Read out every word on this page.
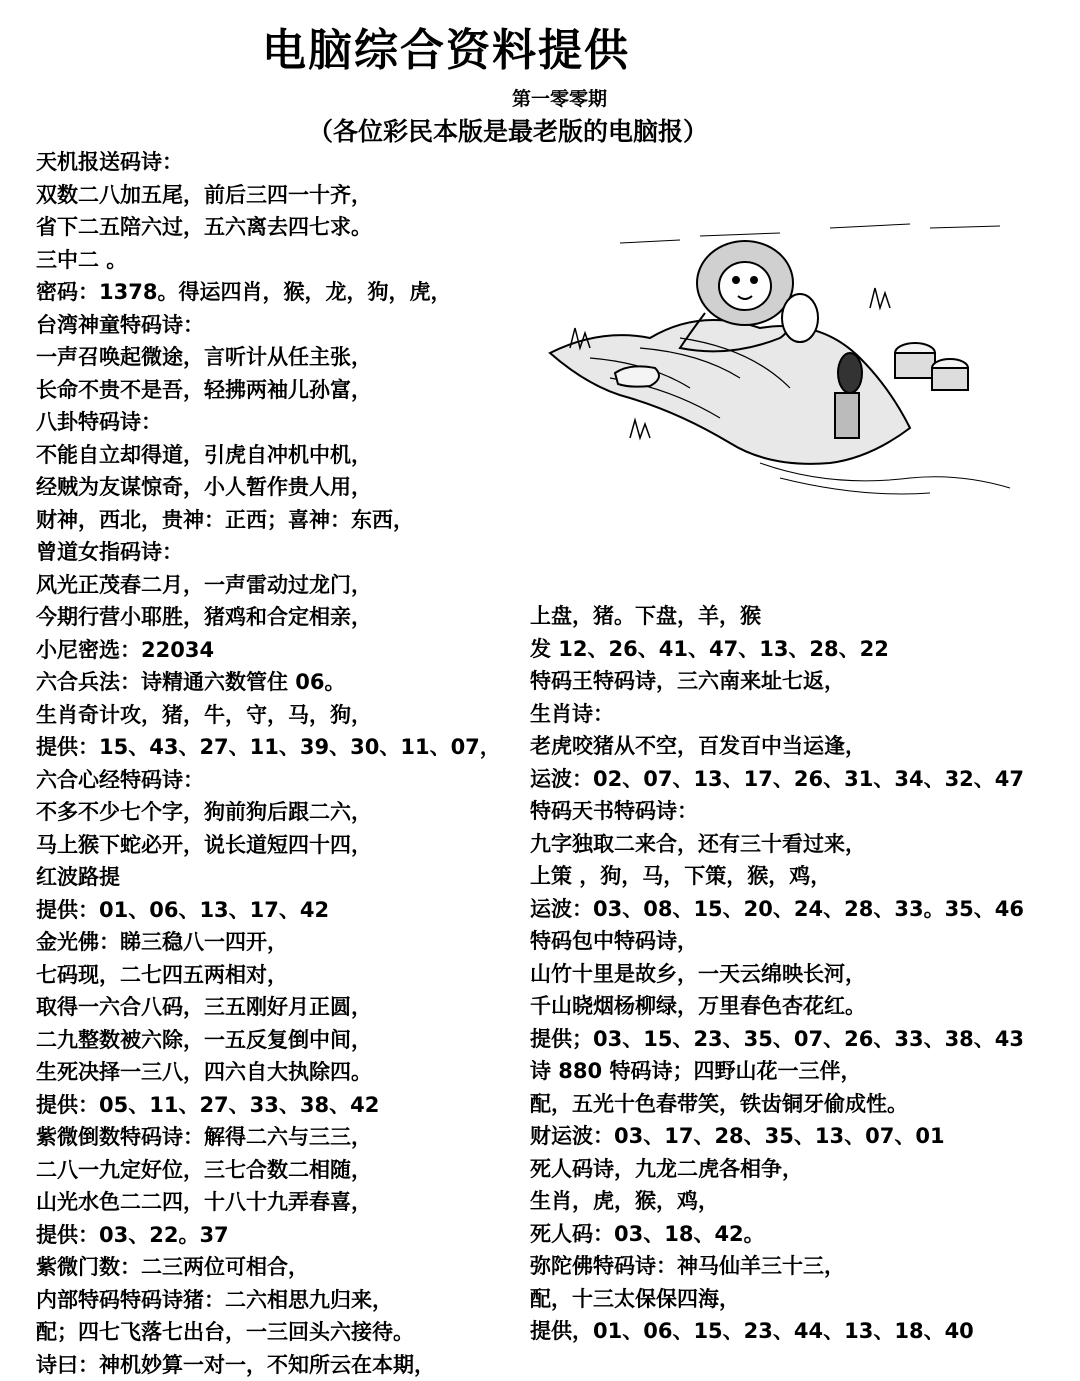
电脑综合资料提供
第一零零期
（各位彩民本版是最老版的电脑报）
天机报送码诗：
双数二八加五尾，前后三四一十齐，
省下二五陪六过，五六离去四七求。
三中二 。
密码：1378。得运四肖，猴，龙，狗，虎，
台湾神童特码诗：
一声召唤起微途，言听计从任主张，
长命不贵不是吾，轻拂两袖儿孙富，
八卦特码诗：
不能自立却得道，引虎自冲机中机，
经贼为友谋惊奇，小人暂作贵人用，
财神，西北，贵神：正西；喜神：东西，
曾道女指码诗：
风光正茂春二月，一声雷动过龙门，
今期行营小耶胜，猪鸡和合定相亲，
小尼密选：22034
六合兵法：诗精通六数管住 06。
生肖奇计攻，猪，牛，守，马，狗，
提供：15、43、27、11、39、30、11、07，
六合心经特码诗：
不多不少七个字，狗前狗后跟二六，
马上猴下蛇必开，说长道短四十四，
红波路提
提供：01、06、13、17、42
金光佛：睇三稳八一四开，
七码现，二七四五两相对，
取得一六合八码，三五刚好月正圆，
二九整数被六除，一五反复倒中间，
生死决择一三八，四六自大执除四。
提供：05、11、27、33、38、42
紫微倒数特码诗：解得二六与三三，
二八一九定好位，三七合数二相随，
山光水色二二四，十八十九弄春喜，
提供：03、22。37
紫微门数：二三两位可相合，
内部特码特码诗猪：二六相思九归来，
配；四七飞落七出台，一三回头六接待。
诗曰：神机妙算一对一，不知所云在本期，
上盘，猪。下盘，羊，猴
发 12、26、41、47、13、28、22
特码王特码诗，三六南来址七返，
生肖诗：
老虎咬猪从不空，百发百中当运逢，
运波：02、07、13、17、26、31、34、32、47
特码天书特码诗：
九字独取二来合，还有三十看过来，
上策 ，狗，马，下策，猴，鸡，
运波：03、08、15、20、24、28、33。35、46
特码包中特码诗，
山竹十里是故乡，一天云绵映长河，
千山晓烟杨柳绿，万里春色杏花红。
提供；03、15、23、35、07、26、33、38、43
诗 880 特码诗；四野山花一三伴，
配，五光十色春带笑，铁齿铜牙偷成性。
财运波：03、17、28、35、13、07、01
死人码诗，九龙二虎各相争，
生肖，虎，猴，鸡，
死人码：03、18、42。
弥陀佛特码诗：神马仙羊三十三，
配，十三太保保四海，
提供，01、06、15、23、44、13、18、40
